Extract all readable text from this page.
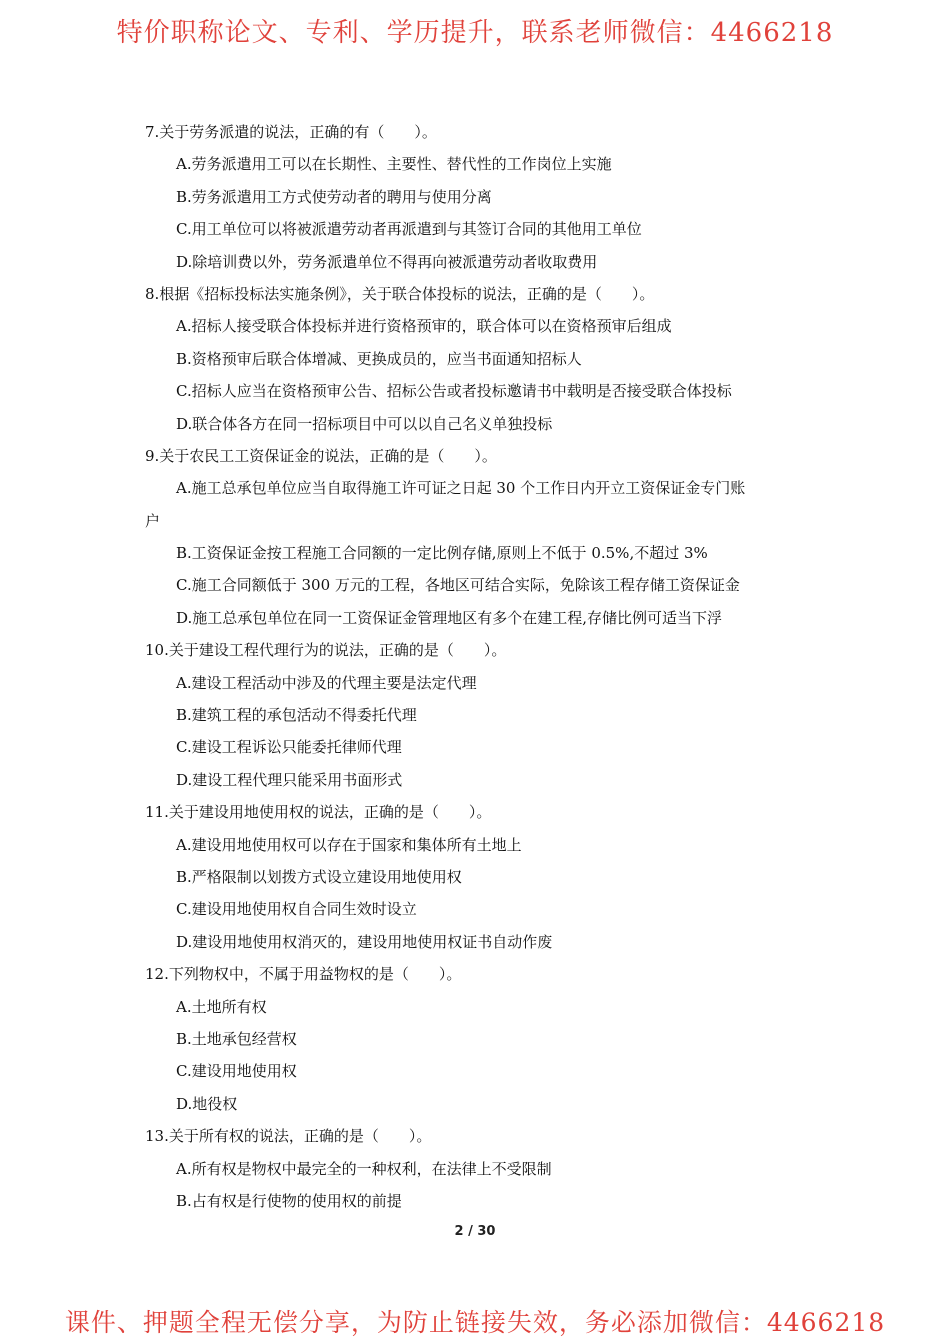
特价职称论文、专利、学历提升，联系老师微信：4466218
7.关于劳务派遣的说法，正确的有（　　）。
A.劳务派遣用工可以在长期性、主要性、替代性的工作岗位上实施
B.劳务派遣用工方式使劳动者的聘用与使用分离
C.用工单位可以将被派遣劳动者再派遣到与其签订合同的其他用工单位
D.除培训费以外，劳务派遣单位不得再向被派遣劳动者收取费用
8.根据《招标投标法实施条例》，关于联合体投标的说法，正确的是（　　）。
A.招标人接受联合体投标并进行资格预审的，联合体可以在资格预审后组成
B.资格预审后联合体增减、更换成员的，应当书面通知招标人
C.招标人应当在资格预审公告、招标公告或者投标邀请书中载明是否接受联合体投标
D.联合体各方在同一招标项目中可以以自己名义单独投标
9.关于农民工工资保证金的说法，正确的是（　　）。
A.施工总承包单位应当自取得施工许可证之日起 30 个工作日内开立工资保证金专门账
户
B.工资保证金按工程施工合同额的一定比例存储,原则上不低于 0.5%,不超过 3%
C.施工合同额低于 300 万元的工程，各地区可结合实际，免除该工程存储工资保证金
D.施工总承包单位在同一工资保证金管理地区有多个在建工程,存储比例可适当下浮
10.关于建设工程代理行为的说法，正确的是（　　）。
A.建设工程活动中涉及的代理主要是法定代理
B.建筑工程的承包活动不得委托代理
C.建设工程诉讼只能委托律师代理
D.建设工程代理只能采用书面形式
11.关于建设用地使用权的说法，正确的是（　　）。
A.建设用地使用权可以存在于国家和集体所有土地上
B.严格限制以划拨方式设立建设用地使用权
C.建设用地使用权自合同生效时设立
D.建设用地使用权消灭的，建设用地使用权证书自动作废
12.下列物权中，不属于用益物权的是（　　）。
A.土地所有权
B.土地承包经营权
C.建设用地使用权
D.地役权
13.关于所有权的说法，正确的是（　　）。
A.所有权是物权中最完全的一种权利，在法律上不受限制
B.占有权是行使物的使用权的前提
2 / 30
课件、押题全程无偿分享，为防止链接失效，务必添加微信：4466218
